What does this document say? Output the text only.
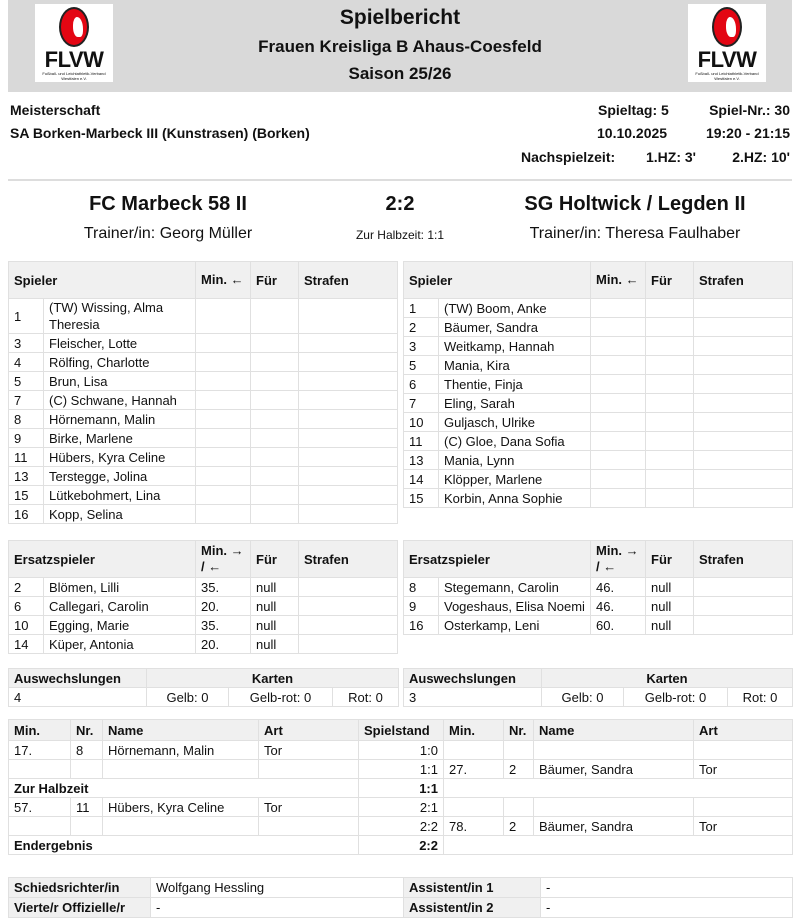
FLVW
Fußball- und Leichtathletik-Verband Westfalen e.V.
FLVW
Fußball- und Leichtathletik-Verband Westfalen e.V.
Spielbericht
Frauen Kreisliga B Ahaus-Coesfeld
Saison 25/26
Meisterschaft
SA Borken-Marbeck III (Kunstrasen) (Borken)
Spieltag: 5	Spiel-Nr.: 30
10.10.2025	19:20 - 21:15
Nachspielzeit: 1.HZ: 3'	2.HZ: 10'
FC Marbeck 58 II	2:2	SG Holtwick / Legden II
Trainer/in: Georg Müller	Zur Halbzeit: 1:1	Trainer/in: Theresa Faulhaber
Spieler		Min. ←	Für	Strafen
1	(TW) Wissing, Alma Theresia			
3	Fleischer, Lotte			
4	Rölfing, Charlotte			
5	Brun, Lisa			
7	(C) Schwane, Hannah			
8	Hörnemann, Malin			
9	Birke, Marlene			
11	Hübers, Kyra Celine			
13	Terstegge, Jolina			
15	Lütkebohmert, Lina			
16	Kopp, Selina			
Spieler		Min. ←	Für	Strafen
1	(TW) Boom, Anke			
2	Bäumer, Sandra			
3	Weitkamp, Hannah			
5	Mania, Kira			
6	Thentie, Finja			
7	Eling, Sarah			
10	Guljasch, Ulrike			
11	(C) Gloe, Dana Sofia			
13	Mania, Lynn			
14	Klöpper, Marlene			
15	Korbin, Anna Sophie			
Ersatzspieler		Min. → / ←	Für	Strafen
2	Blömen, Lilli	35.	null	
6	Callegari, Carolin	20.	null	
10	Egging, Marie	35.	null	
14	Küper, Antonia	20.	null	
Ersatzspieler		Min. → / ←	Für	Strafen
8	Stegemann, Carolin	46.	null	
9	Vogeshaus, Elisa Noemi	46.	null	
16	Osterkamp, Leni	60.	null	
Auswechslungen	Karten		
4	Gelb: 0	Gelb-rot: 0	Rot: 0
Auswechslungen	Karten		
3	Gelb: 0	Gelb-rot: 0	Rot: 0
Min.	Nr.	Name	Art	Spielstand	Min.	Nr.	Name	Art
17.	8	Hörnemann, Malin	Tor	1:0				
				1:1	27.	2	Bäumer, Sandra	Tor
Zur Halbzeit				1:1				
57.	11	Hübers, Kyra Celine	Tor	2:1				
				2:2	78.	2	Bäumer, Sandra	Tor
Endergebnis				2:2				
Schiedsrichter/in	Wolfgang Hessling	Assistent/in 1	-
Vierte/r Offizielle/r	-	Assistent/in 2	-
